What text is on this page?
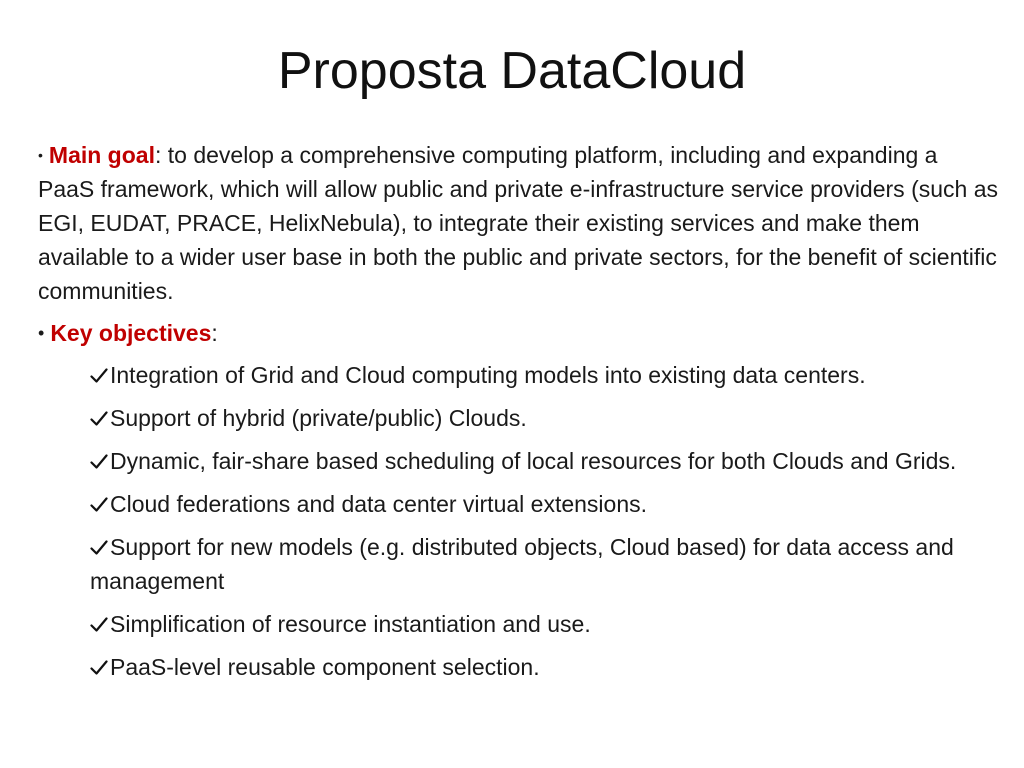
Proposta DataCloud

• Main goal: to develop a comprehensive computing platform, including and expanding a PaaS framework, which will allow public and private e-infrastructure service providers (such as EGI, EUDAT, PRACE, HelixNebula), to integrate their existing services and make them available to a wider user base in both the public and private sectors, for the benefit of scientific communities.

• Key objectives:

Integration of Grid and Cloud computing models into existing data centers.
Support of hybrid (private/public) Clouds.
Dynamic, fair-share based scheduling of local resources for both Clouds and Grids.
Cloud federations and data center virtual extensions.
Support for new models (e.g. distributed objects, Cloud based) for data access and management
Simplification of resource instantiation and use.
PaaS-level reusable component selection.
